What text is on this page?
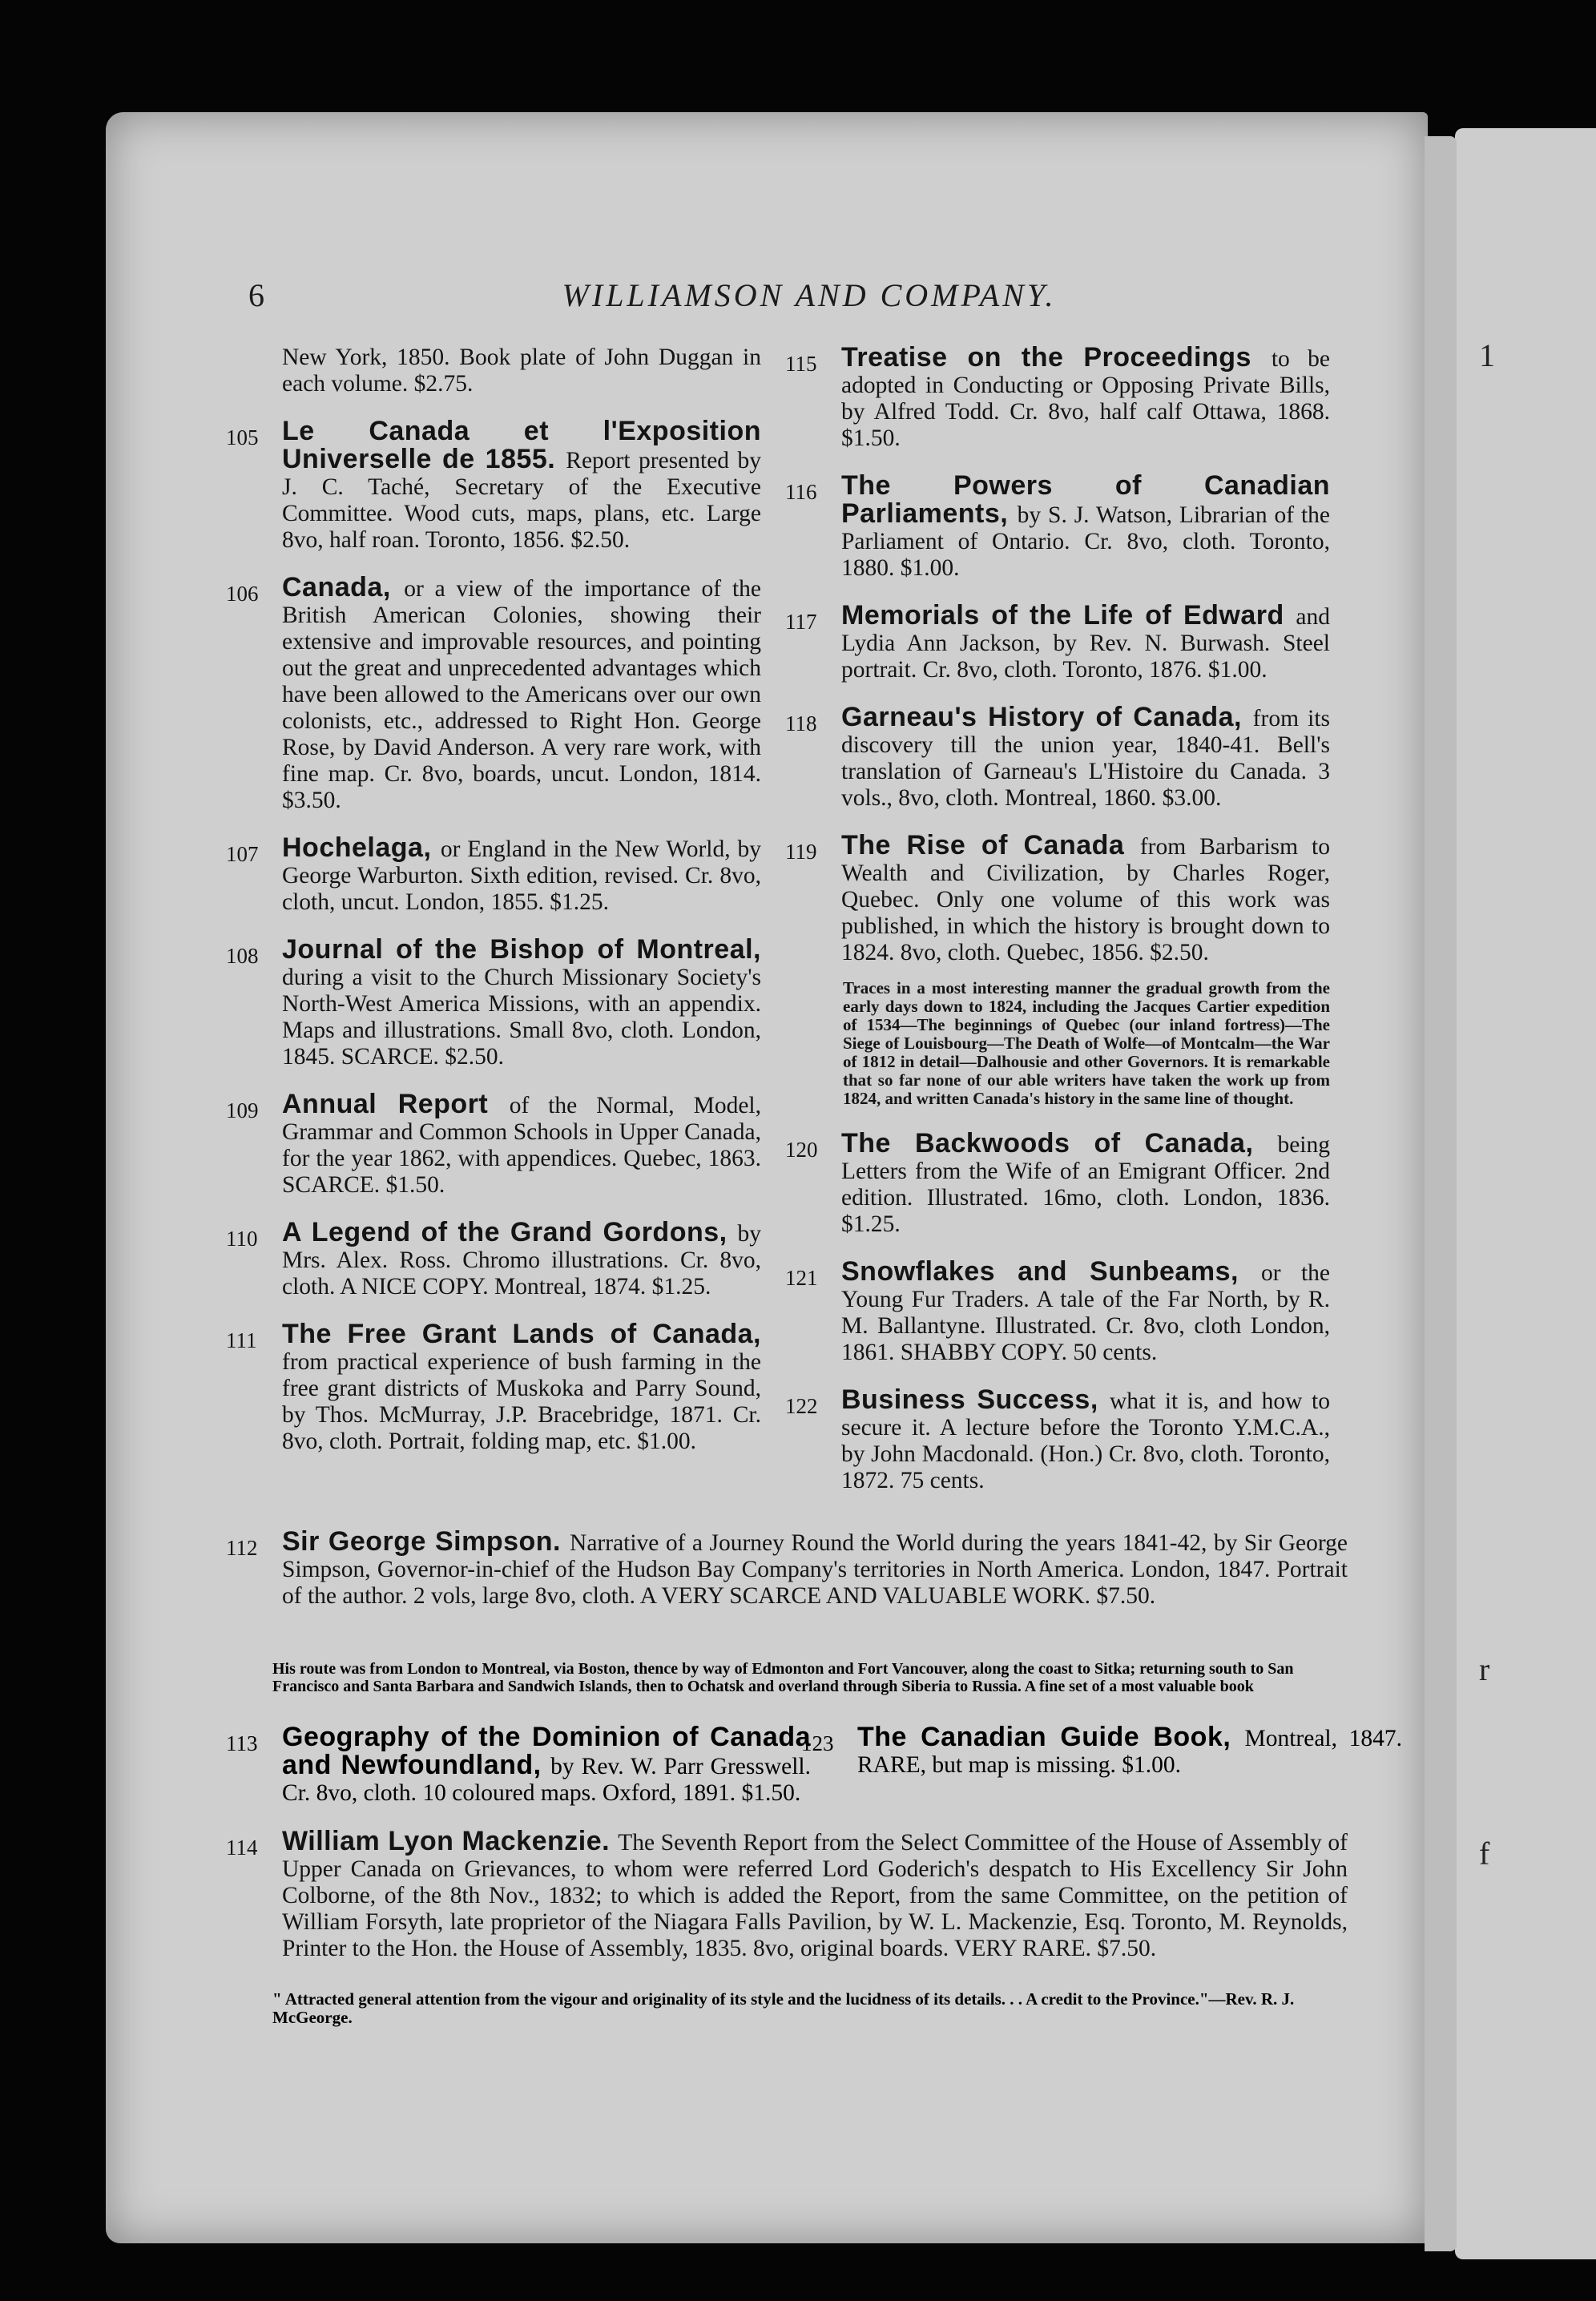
1
r
f
6	WILLIAMSON AND COMPANY.
New York, 1850. Book plate of John Duggan in each volume. $2.75.
105 Le Canada et l'Exposition Universelle de 1855. Report presented by J. C. Taché, Secretary of the Executive Committee. Wood cuts, maps, plans, etc. Large 8vo, half roan. Toronto, 1856. $2.50.
106 Canada, or a view of the importance of the British American Colonies, showing their extensive and improvable resources, and pointing out the great and unprecedented advantages which have been allowed to the Americans over our own colonists, etc., addressed to Right Hon. George Rose, by David Anderson. A very rare work, with fine map. Cr. 8vo, boards, uncut. London, 1814. $3.50.
107 Hochelaga, or England in the New World, by George Warburton. Sixth edition, revised. Cr. 8vo, cloth, uncut. London, 1855. $1.25.
108 Journal of the Bishop of Montreal, during a visit to the Church Missionary Society's North-West America Missions, with an appendix. Maps and illustrations. Small 8vo, cloth. London, 1845. SCARCE. $2.50.
109 Annual Report of the Normal, Model, Grammar and Common Schools in Upper Canada, for the year 1862, with appendices. Quebec, 1863. SCARCE. $1.50.
110 A Legend of the Grand Gordons, by Mrs. Alex. Ross. Chromo illustrations. Cr. 8vo, cloth. A NICE COPY. Montreal, 1874. $1.25.
111 The Free Grant Lands of Canada, from practical experience of bush farming in the free grant districts of Muskoka and Parry Sound, by Thos. McMurray, J.P. Bracebridge, 1871. Cr. 8vo, cloth. Portrait, folding map, etc. $1.00.
115 Treatise on the Proceedings to be adopted in Conducting or Opposing Private Bills, by Alfred Todd. Cr. 8vo, half calf Ottawa, 1868. $1.50.
116 The Powers of Canadian Parliaments, by S. J. Watson, Librarian of the Parliament of Ontario. Cr. 8vo, cloth. Toronto, 1880. $1.00.
117 Memorials of the Life of Edward and Lydia Ann Jackson, by Rev. N. Burwash. Steel portrait. Cr. 8vo, cloth. Toronto, 1876. $1.00.
118 Garneau's History of Canada, from its discovery till the union year, 1840-41. Bell's translation of Garneau's L'Histoire du Canada. 3 vols., 8vo, cloth. Montreal, 1860. $3.00.
119 The Rise of Canada from Barbarism to Wealth and Civilization, by Charles Roger, Quebec. Only one volume of this work was published, in which the history is brought down to 1824. 8vo, cloth. Quebec, 1856. $2.50.
Traces in a most interesting manner the gradual growth from the early days down to 1824, including the Jacques Cartier expedition of 1534—The beginnings of Quebec (our inland fortress)—The Siege of Louisbourg—The Death of Wolfe—of Montcalm—the War of 1812 in detail—Dalhousie and other Governors. It is remarkable that so far none of our able writers have taken the work up from 1824, and written Canada's history in the same line of thought.
120 The Backwoods of Canada, being Letters from the Wife of an Emigrant Officer. 2nd edition. Illustrated. 16mo, cloth. London, 1836. $1.25.
121 Snowflakes and Sunbeams, or the Young Fur Traders. A tale of the Far North, by R. M. Ballantyne. Illustrated. Cr. 8vo, cloth London, 1861. SHABBY COPY. 50 cents.
122 Business Success, what it is, and how to secure it. A lecture before the Toronto Y.M.C.A., by John Macdonald. (Hon.) Cr. 8vo, cloth. Toronto, 1872. 75 cents.
112 Sir George Simpson. Narrative of a Journey Round the World during the years 1841-42, by Sir George Simpson, Governor-in-chief of the Hudson Bay Company's territories in North America. London, 1847. Portrait of the author. 2 vols, large 8vo, cloth. A VERY SCARCE AND VALUABLE WORK. $7.50.
His route was from London to Montreal, via Boston, thence by way of Edmonton and Fort Vancouver, along the coast to Sitka; returning south to San Francisco and Santa Barbara and Sandwich Islands, then to Ochatsk and overland through Siberia to Russia. A fine set of a most valuable book
113 Geography of the Dominion of Canada and Newfoundland, by Rev. W. Parr Gresswell. Cr. 8vo, cloth. 10 coloured maps. Oxford, 1891. $1.50.
123 The Canadian Guide Book, Montreal, 1847. RARE, but map is missing. $1.00.
114 William Lyon Mackenzie. The Seventh Report from the Select Committee of the House of Assembly of Upper Canada on Grievances, to whom were referred Lord Goderich's despatch to His Excellency Sir John Colborne, of the 8th Nov., 1832; to which is added the Report, from the same Committee, on the petition of William Forsyth, late proprietor of the Niagara Falls Pavilion, by W. L. Mackenzie, Esq. Toronto, M. Reynolds, Printer to the Hon. the House of Assembly, 1835. 8vo, original boards. VERY RARE. $7.50.
" Attracted general attention from the vigour and originality of its style and the lucidness of its details. . . A credit to the Province."—Rev. R. J. McGeorge.
